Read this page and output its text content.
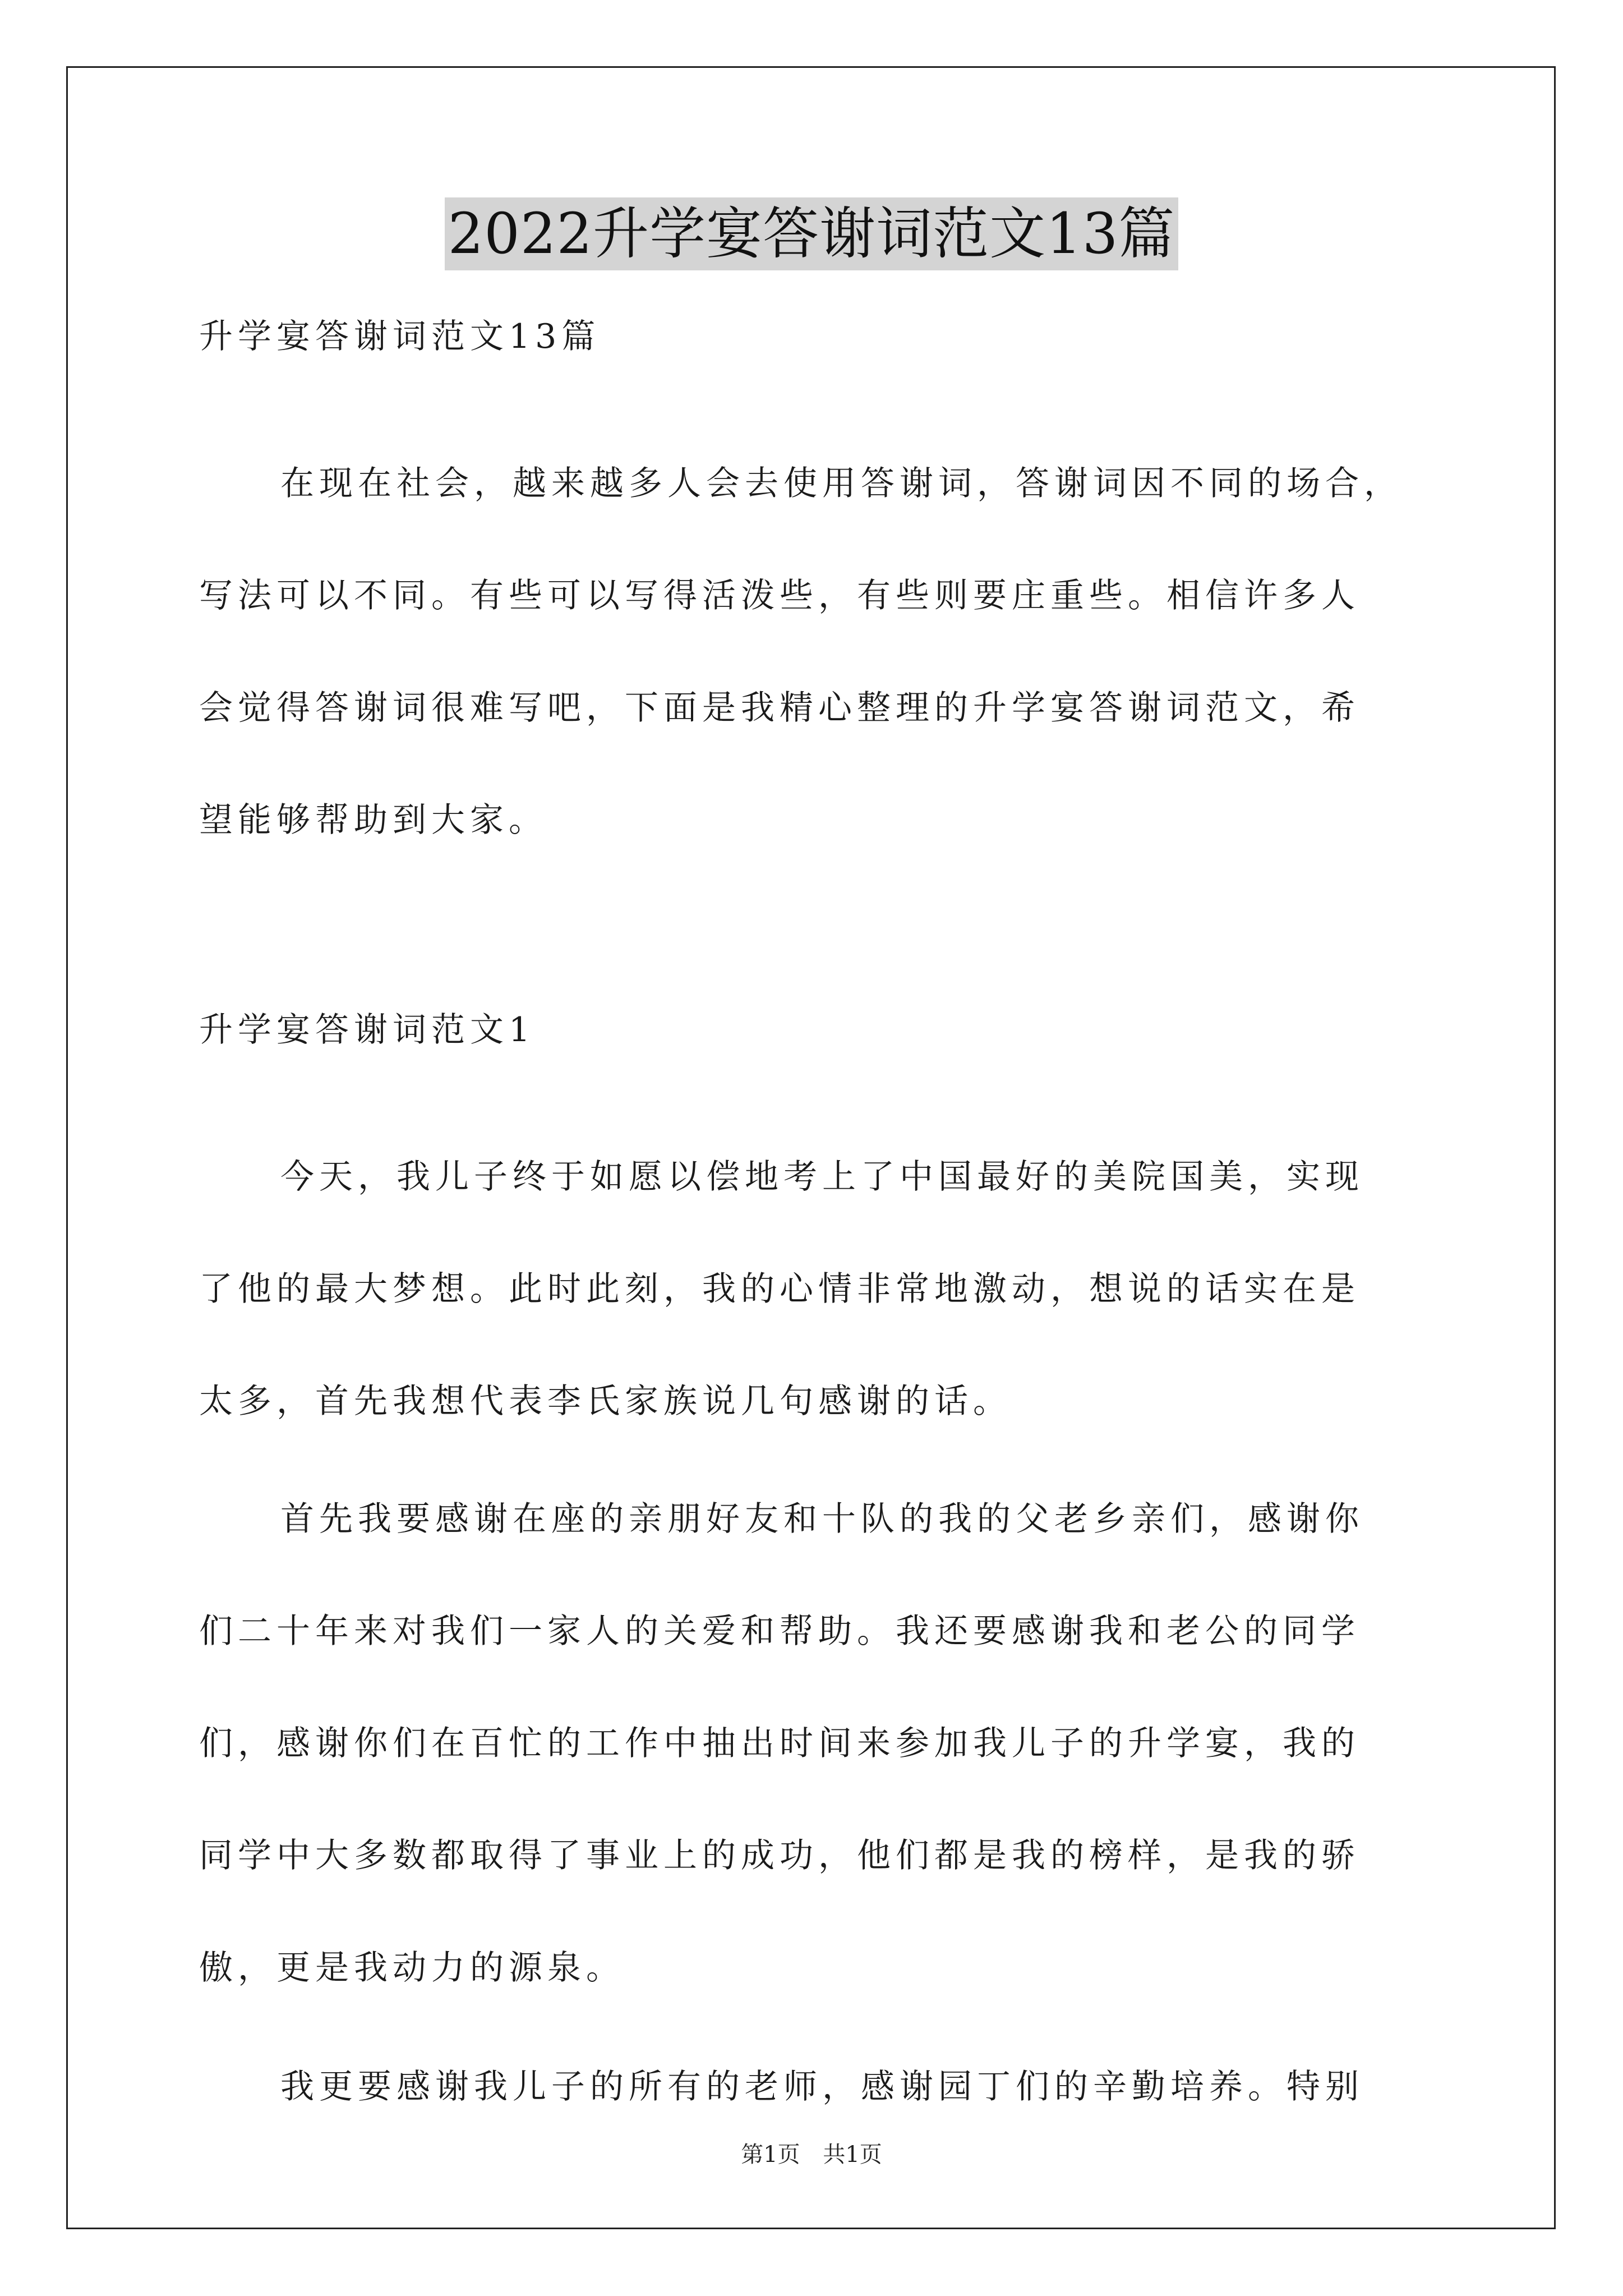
2022升学宴答谢词范文13篇
升学宴答谢词范文13篇
在现在社会，越来越多人会去使用答谢词，答谢词因不同的场合，
写法可以不同。有些可以写得活泼些，有些则要庄重些。相信许多人
会觉得答谢词很难写吧，下面是我精心整理的升学宴答谢词范文，希
望能够帮助到大家。
升学宴答谢词范文1
今天，我儿子终于如愿以偿地考上了中国最好的美院国美，实现
了他的最大梦想。此时此刻，我的心情非常地激动，想说的话实在是
太多，首先我想代表李氏家族说几句感谢的话。
首先我要感谢在座的亲朋好友和十队的我的父老乡亲们，感谢你
们二十年来对我们一家人的关爱和帮助。我还要感谢我和老公的同学
们，感谢你们在百忙的工作中抽出时间来参加我儿子的升学宴，我的
同学中大多数都取得了事业上的成功，他们都是我的榜样，是我的骄
傲，更是我动力的源泉。
我更要感谢我儿子的所有的老师，感谢园丁们的辛勤培养。特别
第1页 共1页
